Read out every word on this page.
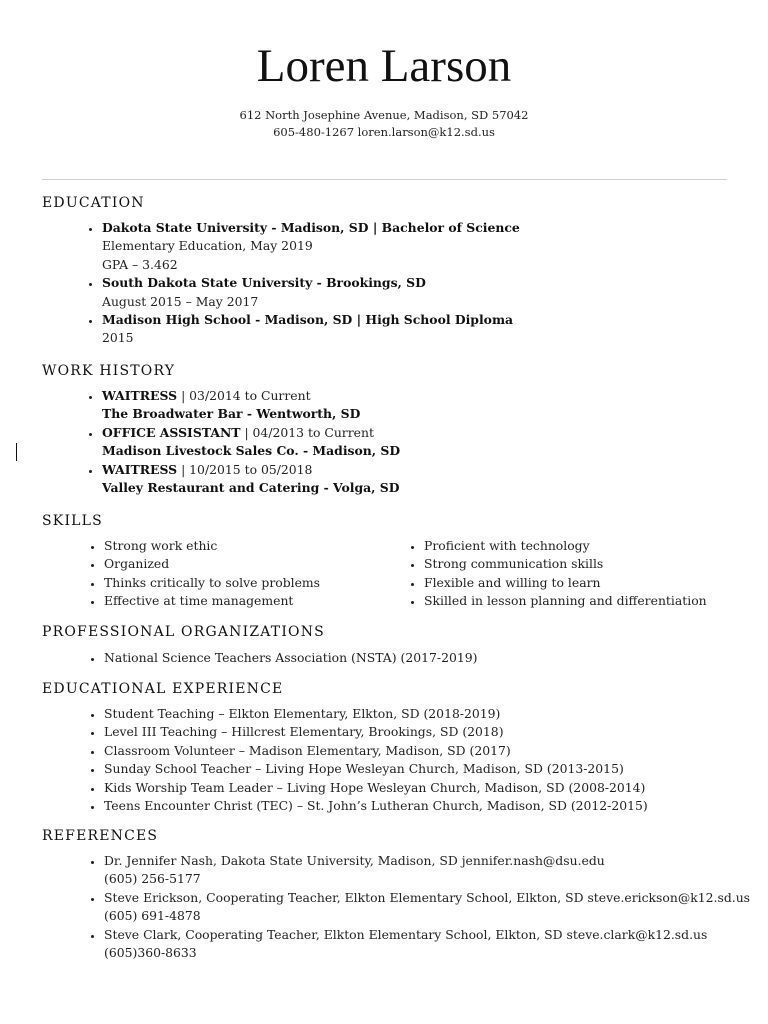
Loren Larson
612 North Josephine Avenue, Madison, SD 57042
605-480-1267 loren.larson@k12.sd.us
EDUCATION
• Dakota State University - Madison, SD | Bachelor of Science
Elementary Education, May 2019
GPA – 3.462
• South Dakota State University - Brookings, SD
August 2015 – May 2017
• Madison High School - Madison, SD | High School Diploma
2015
WORK HISTORY
• WAITRESS | 03/2014 to Current
The Broadwater Bar - Wentworth, SD
• OFFICE ASSISTANT | 04/2013 to Current
Madison Livestock Sales Co. - Madison, SD
• WAITRESS | 10/2015 to 05/2018
Valley Restaurant and Catering - Volga, SD
SKILLS
• Strong work ethic
• Organized
• Thinks critically to solve problems
• Effective at time management
• Proficient with technology
• Strong communication skills
• Flexible and willing to learn
• Skilled in lesson planning and differentiation
PROFESSIONAL ORGANIZATIONS
• National Science Teachers Association (NSTA) (2017-2019)
EDUCATIONAL EXPERIENCE
• Student Teaching – Elkton Elementary, Elkton, SD (2018-2019)
• Level III Teaching – Hillcrest Elementary, Brookings, SD (2018)
• Classroom Volunteer – Madison Elementary, Madison, SD (2017)
• Sunday School Teacher – Living Hope Wesleyan Church, Madison, SD (2013-2015)
• Kids Worship Team Leader – Living Hope Wesleyan Church, Madison, SD (2008-2014)
• Teens Encounter Christ (TEC) – St. John’s Lutheran Church, Madison, SD (2012-2015)
REFERENCES
• Dr. Jennifer Nash, Dakota State University, Madison, SD jennifer.nash@dsu.edu
(605) 256-5177
• Steve Erickson, Cooperating Teacher, Elkton Elementary School, Elkton, SD steve.erickson@k12.sd.us
(605) 691-4878
• Steve Clark, Cooperating Teacher, Elkton Elementary School, Elkton, SD steve.clark@k12.sd.us
(605)360-8633
